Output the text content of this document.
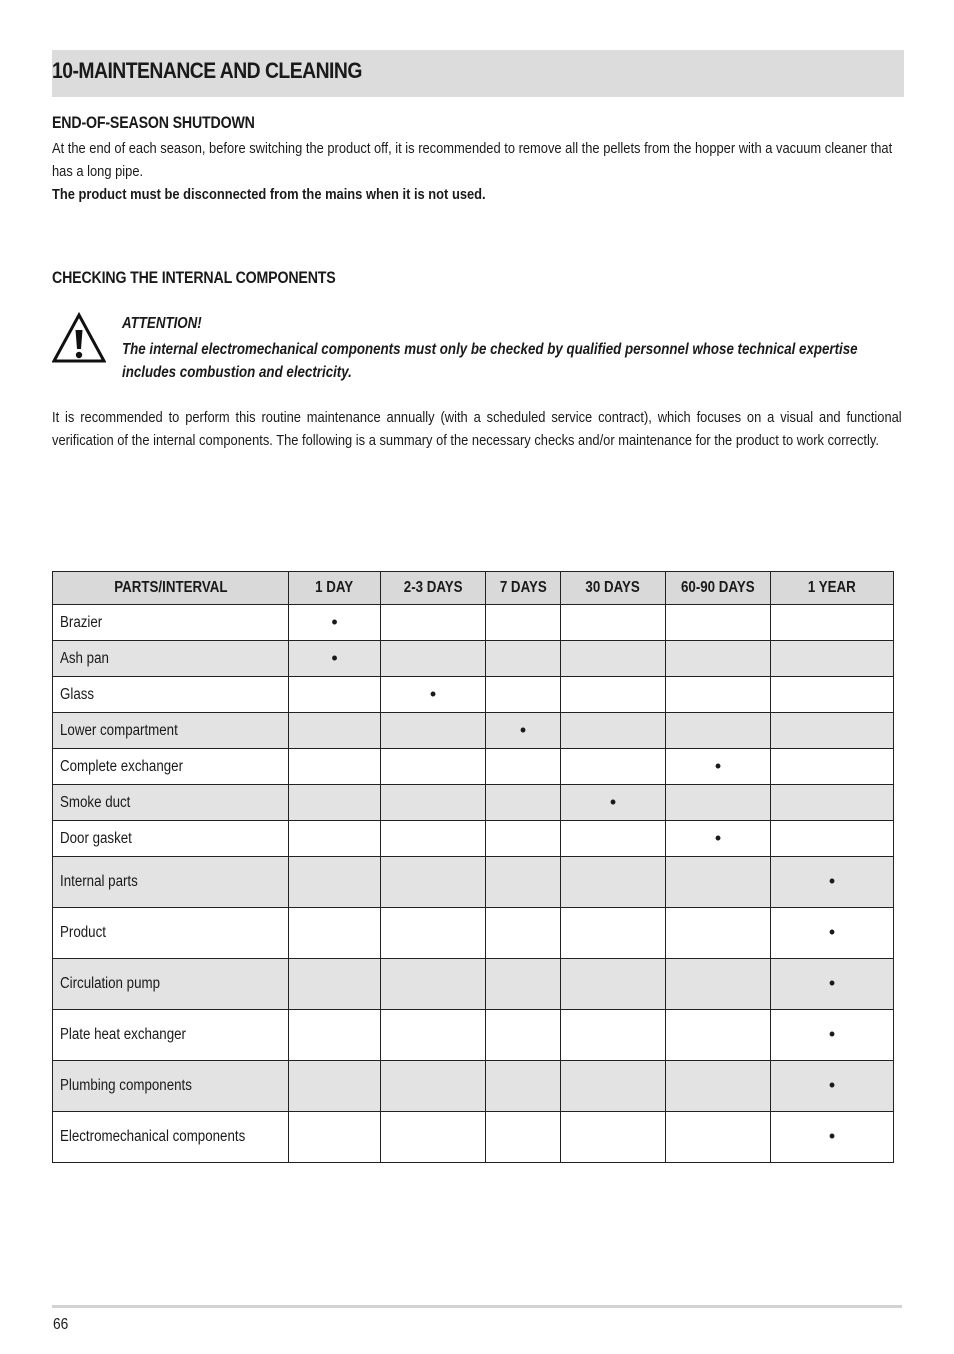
10-MAINTENANCE AND CLEANING
END-OF-SEASON SHUTDOWN

At the end of each season, before switching the product off, it is recommended to remove all the pellets from the hopper with a vacuum cleaner that has a long pipe.

The product must be disconnected from the mains when it is not used.

CHECKING THE INTERNAL COMPONENTS

ATTENTION!

The internal electromechanical components must only be checked by qualified personnel whose technical expertise includes combustion and electricity.

It is recommended to perform this routine maintenance annually (with a scheduled service contract), which focuses on a visual and functional verification of the internal components. The following is a summary of the necessary checks and/or maintenance for the product to work correctly.

PARTS/INTERVAL	1 DAY	2-3 DAYS	7 DAYS	30 DAYS	60-90 DAYS	1 YEAR
Brazier	•					
Ash pan	•					
Glass		•				
Lower compartment			•			
Complete exchanger					•	
Smoke duct				•		
Door gasket					•	
Internal parts						•
Product						•
Circulation pump						•
Plate heat exchanger						•
Plumbing components						•
Electromechanical components						•

66
